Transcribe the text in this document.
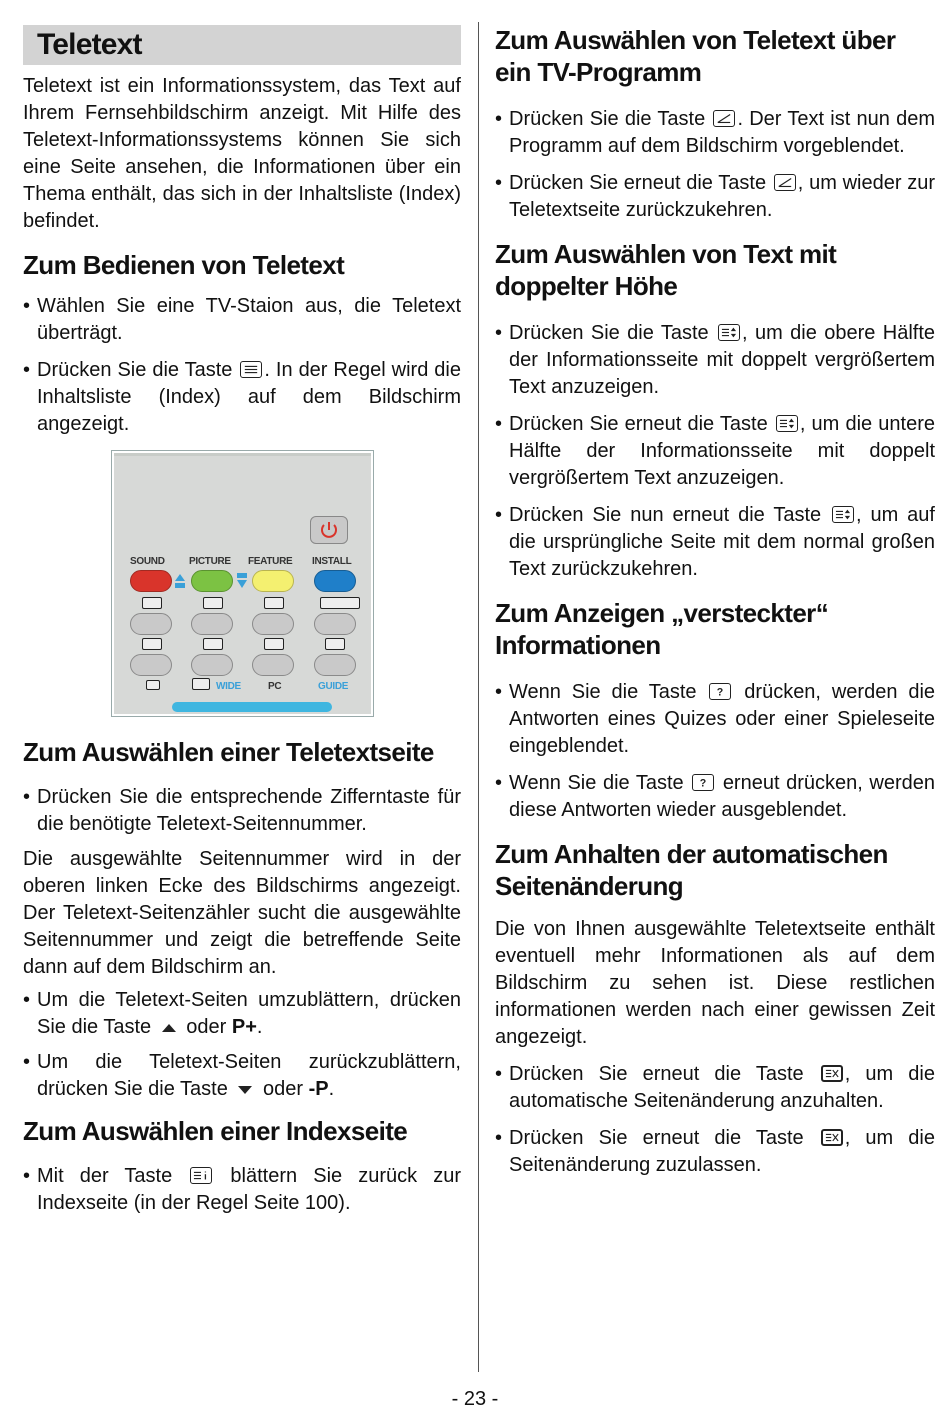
Teletext

Teletext ist ein Informationssystem, das Text auf Ihrem Fernsehbildschirm anzeigt. Mit Hilfe des Teletext-Informationssystems können Sie sich eine Seite ansehen, die Informationen über ein Thema enthält, das sich in der Inhaltsliste (Index) befindet.

Zum Bedienen von Teletext

• Wählen Sie eine TV-Staion aus, die Teletext überträgt.

• Drücken Sie die Taste . In der Regel wird die Inhaltsliste (Index) auf dem Bildschirm angezeigt.

SOUND PICTURE FEATURE INSTALL
WIDE	PC	GUIDE
Zum Auswählen einer Teletextseite

• Drücken Sie die entsprechende Zifferntaste für die benötigte Teletext-Seitennummer.

Die ausgewählte Seitennummer wird in der oberen linken Ecke des Bildschirms angezeigt. Der Teletext-Seitenzähler sucht die ausgewählte Seitennummer und zeigt die betreffende Seite dann auf dem Bildschirm an.

• Um die Teletext-Seiten umzublättern, drücken Sie die Taste oder P+.

• Um die Teletext-Seiten zurückzublättern, drücken Sie die Taste oder -P.

Zum Auswählen einer Indexseite

• Mit der Taste	blättern Sie zurück zur Indexseite (in der Regel Seite 100).

Zum Auswählen von Teletext über ein TV-Programm

• Drücken Sie die Taste . Der Text ist nun dem Programm auf dem Bildschirm vorgeblendet.

• Drücken Sie erneut die Taste , um wieder zur Teletextseite zurückzukehren.

Zum Auswählen von Text mit doppelter Höhe

• Drücken Sie die Taste , um die obere Hälfte der Informationsseite mit doppelt vergrößertem Text anzuzeigen.

• Drücken Sie erneut die Taste , um die untere Hälfte der Informationsseite mit doppelt vergrößertem Text anzuzeigen.

• Drücken Sie nun erneut die Taste , um auf die ursprüngliche Seite mit dem normal großen Text zurückzukehren.

Zum Anzeigen „versteckter“ Informationen

• Wenn Sie die Taste ? drücken, werden die Antworten eines Quizes oder einer Spieleseite eingeblendet.

• Wenn Sie die Taste ? erneut drücken, werden diese Antworten wieder ausgeblendet.

Zum Anhalten der automatischen Seitenänderung

Die von Ihnen ausgewählte Teletextseite enthält eventuell mehr Informationen als auf dem Bildschirm zu sehen ist. Diese restlichen informationen werden nach einer gewissen Zeit angezeigt.

• Drücken Sie erneut die Taste , um die automatische Seitenänderung anzuhalten.

• Drücken Sie erneut die Taste , um die Seitenänderung zuzulassen.

- 23 -
